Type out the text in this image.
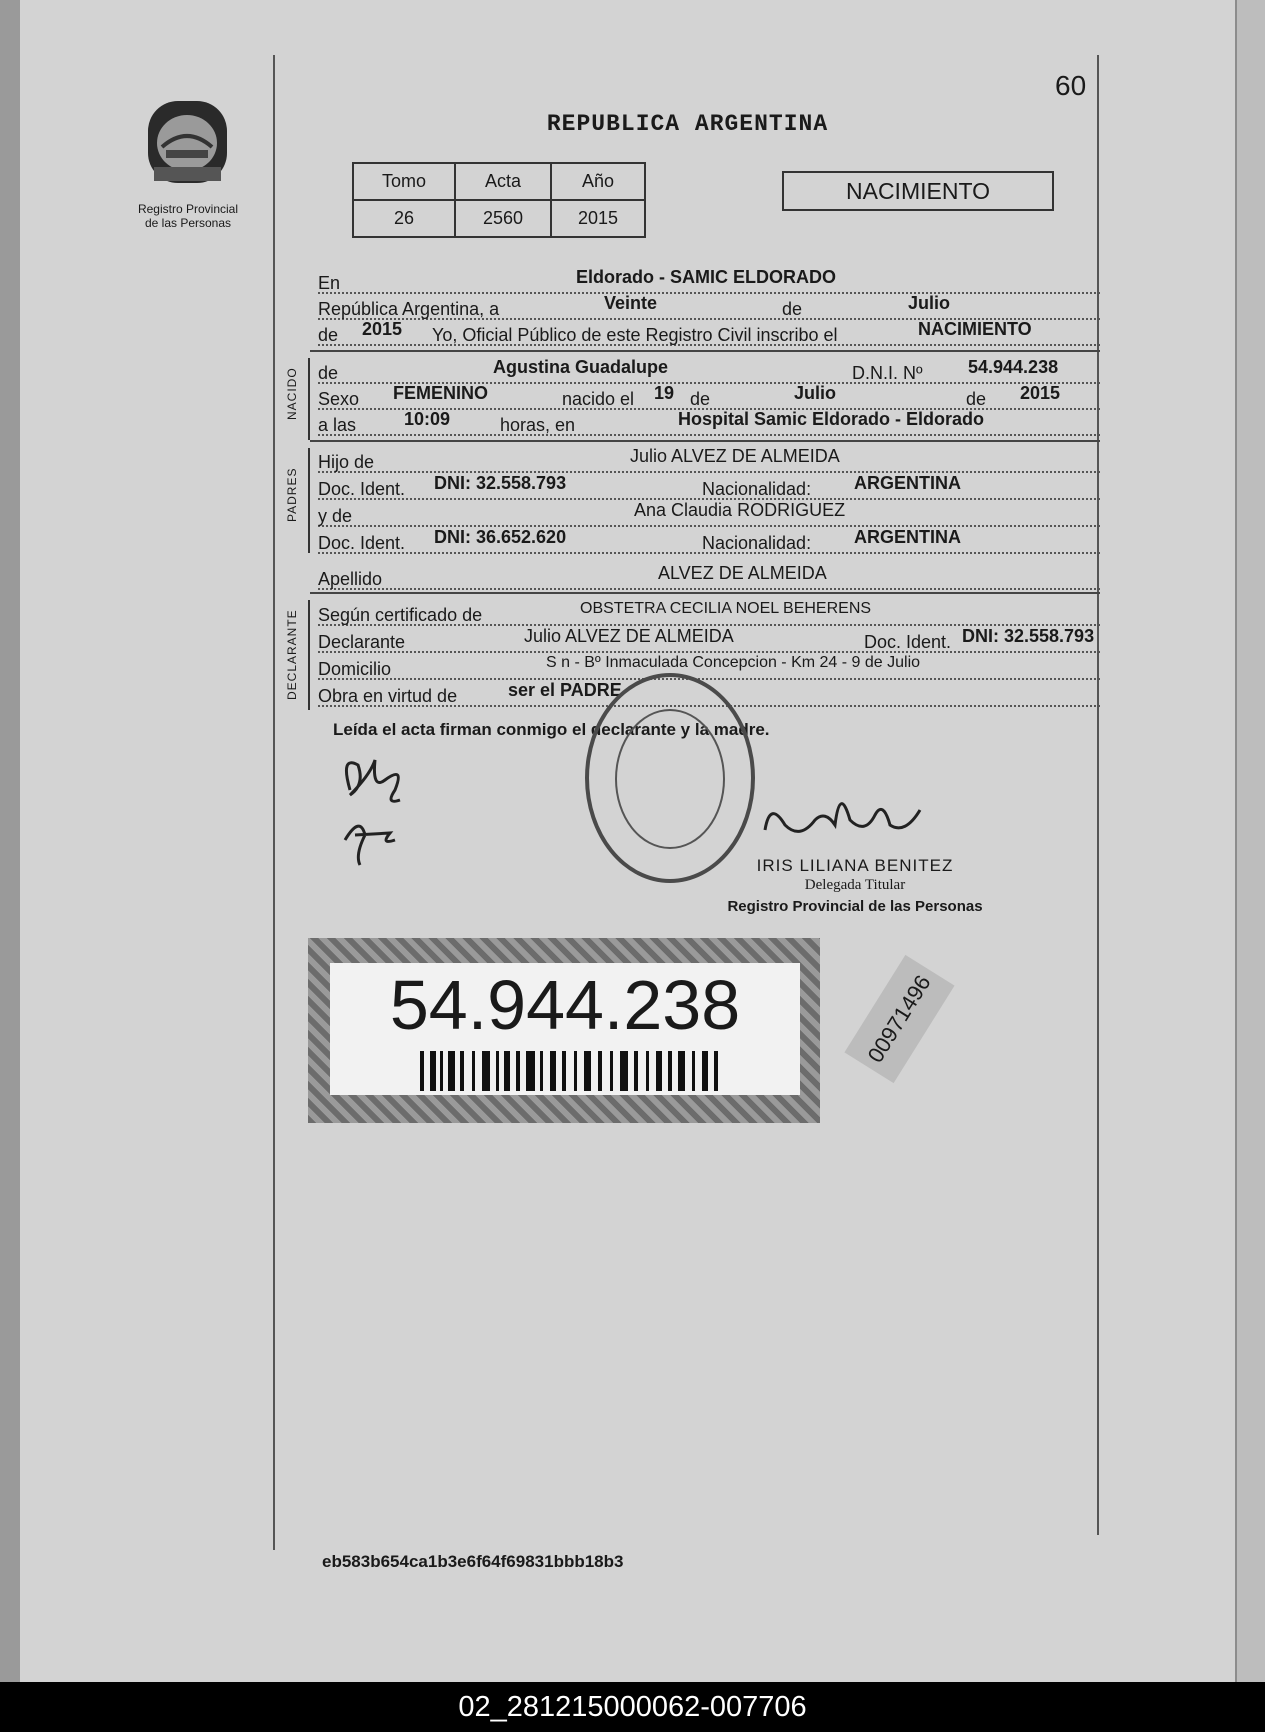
Registro Provincial
de las Personas
60
REPUBLICA ARGENTINA
Tomo	Acta	Año
26	2560	2015
NACIMIENTO
En	Eldorado - SAMIC ELDORADO
República Argentina, a	Veinte	de	Julio
de 2015 Yo, Oficial Público de este Registro Civil inscribo el	NACIMIENTO
NACIDO de	Agustina Guadalupe	D.N.I. Nº	54.944.238
Sexo FEMENINO	nacido el 19 de	Julio	de 2015
a las	10:09	horas, en	Hospital Samic Eldorado - Eldorado
PADRES
Hijo de	Julio ALVEZ DE ALMEIDA
Doc. Ident. DNI: 32.558.793	Nacionalidad: ARGENTINA
y de	Ana Claudia RODRIGUEZ
Doc. Ident. DNI: 36.652.620	Nacionalidad: ARGENTINA
Apellido	ALVEZ DE ALMEIDA
DECLARANTE Según certificado de	OBSTETRA CECILIA NOEL BEHERENS
Declarante	Julio ALVEZ DE ALMEIDA	Doc. Ident. DNI: 32.558.793
Domicilio	S n - Bº Inmaculada Concepcion - Km 24 - 9 de Julio
Obra en virtud de	ser el PADRE
Leída el acta firman conmigo el declarante y la madre.
IRIS LILIANA BENITEZ
Delegada Titular
Registro Provincial de las Personas
54.944.238	00971496
eb583b654ca1b3e6f64f69831bbb18b3
02_281215000062-007706
